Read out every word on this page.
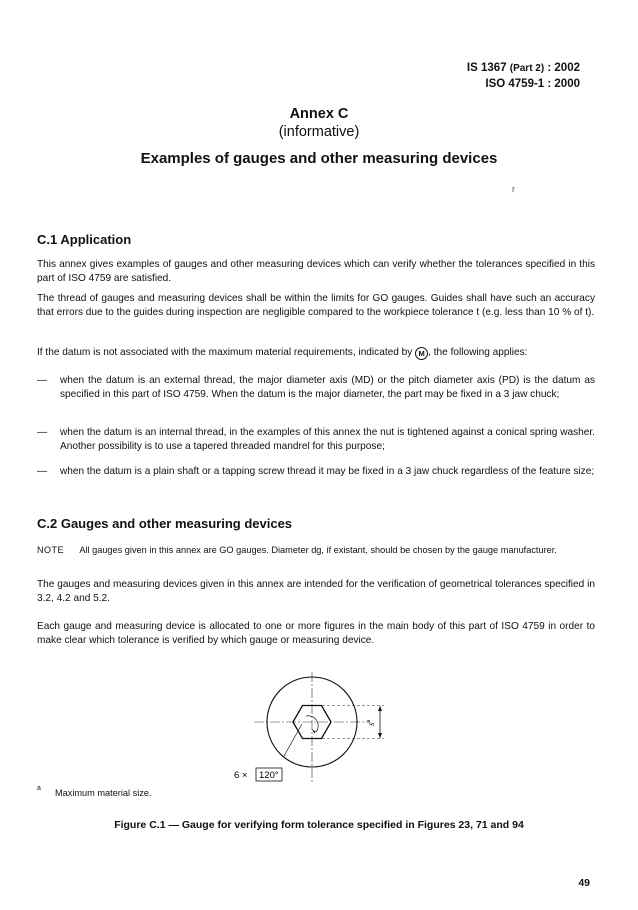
IS 1367 (Part 2) : 2002
ISO 4759-1 : 2000
Annex C
(informative)
Examples of gauges and other measuring devices
r
C.1 Application
This annex gives examples of gauges and other measuring devices which can verify whether the tolerances specified in this part of ISO 4759 are satisfied.
The thread of gauges and measuring devices shall be within the limits for GO gauges. Guides shall have such an accuracy that errors due to the guides during inspection are negligible compared to the workpiece tolerance t (e.g. less than 10 % of t).
If the datum is not associated with the maximum material requirements, indicated by M , the following applies:
— when the datum is an external thread, the major diameter axis (MD) or the pitch diameter axis (PD) is the datum as specified in this part of ISO 4759. When the datum is the major diameter, the part may be fixed in a 3 jaw chuck;
— when the datum is an internal thread, in the examples of this annex the nut is tightened against a conical spring washer. Another possibility is to use a tapered threaded mandrel for this purpose;
— when the datum is a plain shaft or a tapping screw thread it may be fixed in a 3 jaw chuck regardless of the feature size;
C.2 Gauges and other measuring devices
NOTE All gauges given in this annex are GO gauges. Diameter dg, if existant, should be chosen by the gauge manufacturer.
The gauges and measuring devices given in this annex are intended for the verification of geometrical tolerances specified in 3.2, 4.2 and 5.2.
Each gauge and measuring device is allocated to one or more figures in the main body of this part of ISO 4759 in order to make clear which tolerance is verified by which gauge or measuring device.
$s^a$
6 × 120°
a Maximum material size.
Figure C.1 — Gauge for verifying form tolerance specified in Figures 23, 71 and 94
49
